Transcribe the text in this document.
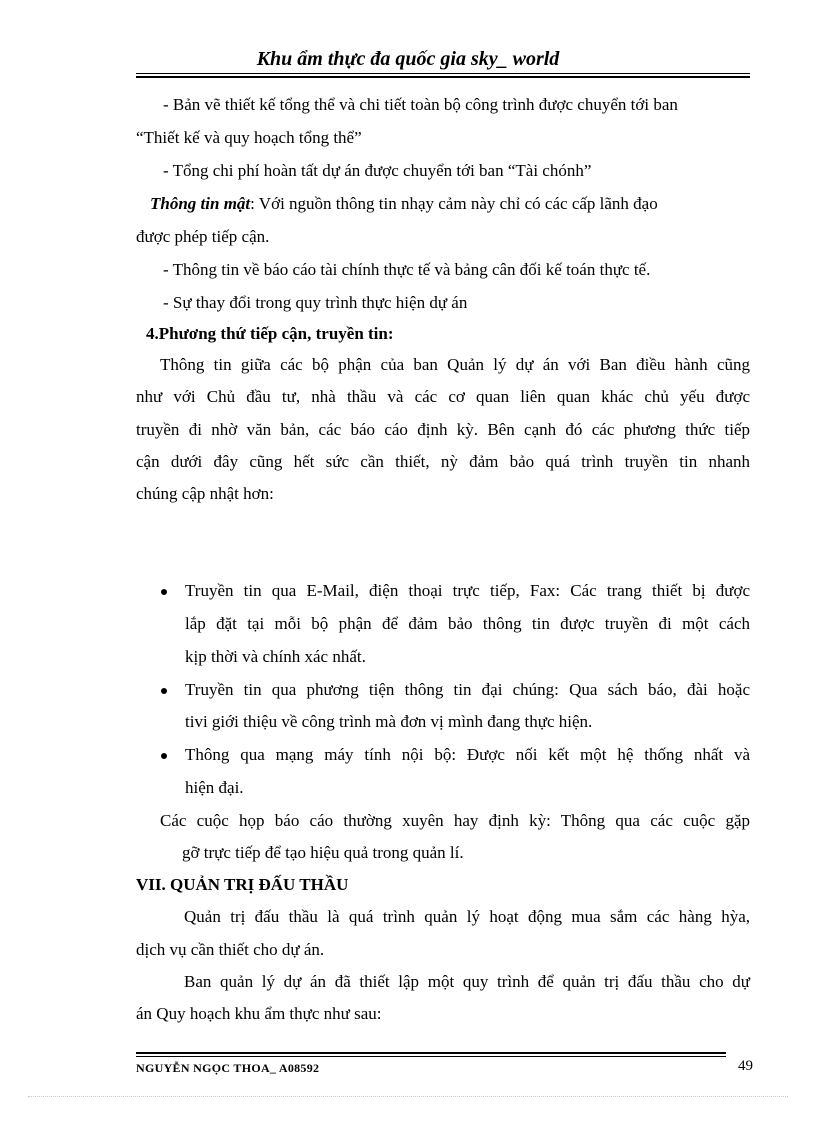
Khu ẩm thực đa quốc gia sky_ world
- Bản vẽ thiết kế tổng thể và chi tiết toàn bộ công trình được chuyển tới ban
“Thiết kế và quy hoạch tổng thể”
- Tổng chi phí hoàn tất dự án được chuyển tới ban “Tài chónh”
Thông tin mật: Với nguồn thông tin nhạy cảm này chỉ có các cấp lãnh đạo
được phép tiếp cận.
- Thông tin về báo cáo tài chính thực tế và bảng cân đối kế toán thực tế.
- Sự thay đổi trong quy trình thực hiện dự án
4.Phương thứ tiếp cận, truyền tin:
Thông tin giữa các bộ phận của ban Quản lý dự án với Ban điều hành cũng
như với Chủ đầu tư, nhà thầu và các cơ quan liên quan khác chủ yếu được
truyền đi nhờ văn bản, các báo cáo định kỳ. Bên cạnh đó các phương thức tiếp
cận dưới đây cũng hết sức cần thiết, nỳ đảm bảo quá trình truyền tin nhanh
chúng cập nhật hơn:
Truyền tin qua E-Mail, điện thoại trực tiếp, Fax: Các trang thiết bị được
lắp đặt tại mỗi bộ phận để đảm bảo thông tin được truyền đi một cách
kịp thời và chính xác nhất.
Truyền tin qua phương tiện thông tin đại chúng: Qua sách báo, đài hoặc
tivi giới thiệu về công trình mà đơn vị mình đang thực hiện.
Thông qua mạng máy tính nội bộ: Được nối kết một hệ thống nhất và
hiện đại.
Các cuộc họp báo cáo thường xuyên hay định kỳ: Thông qua các cuộc gặp
gỡ trực tiếp để tạo hiệu quả trong quản lí.
VII. QUẢN TRỊ ĐẤU THẦU
Quản trị đấu thầu là quá trình quản lý hoạt động mua sắm các hàng hỳa,
dịch vụ cần thiết cho dự án.
Ban quản lý dự án đã thiết lập một quy trình để quản trị đấu thầu cho dự
án Quy hoạch khu ẩm thực như sau:
NGUYỄN NGỌC THOA_ A08592	49
